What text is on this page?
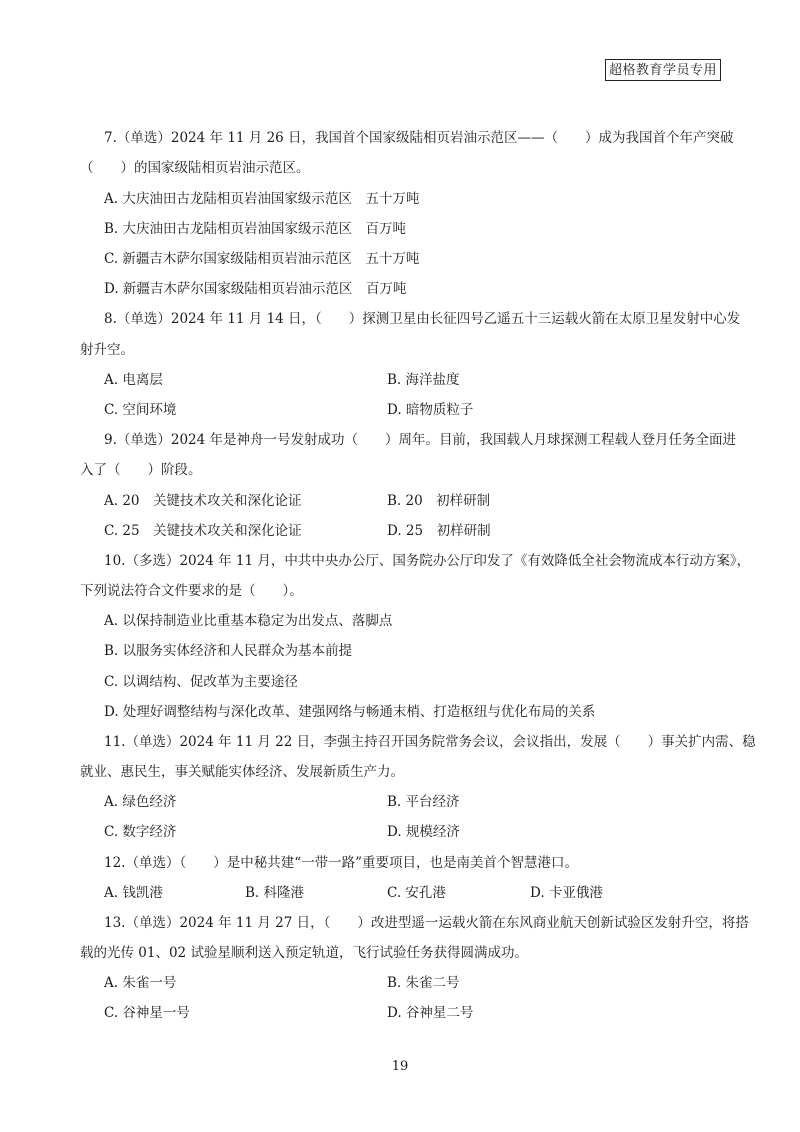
超格教育学员专用
7.（单选）2024 年 11 月 26 日，我国首个国家级陆相页岩油示范区——（　　）成为我国首个年产突破
（　　）的国家级陆相页岩油示范区。
A. 大庆油田古龙陆相页岩油国家级示范区　五十万吨
B. 大庆油田古龙陆相页岩油国家级示范区　百万吨
C. 新疆吉木萨尔国家级陆相页岩油示范区　五十万吨
D. 新疆吉木萨尔国家级陆相页岩油示范区　百万吨
8.（单选）2024 年 11 月 14 日，（　　）探测卫星由长征四号乙遥五十三运载火箭在太原卫星发射中心发
射升空。
A. 电离层	B. 海洋盐度
C. 空间环境	D. 暗物质粒子
9.（单选）2024 年是神舟一号发射成功（　　）周年。目前，我国载人月球探测工程载人登月任务全面进
入了（　　）阶段。
A. 20　关键技术攻关和深化论证	B. 20　初样研制
C. 25　关键技术攻关和深化论证	D. 25　初样研制
10.（多选）2024 年 11 月，中共中央办公厅、国务院办公厅印发了《有效降低全社会物流成本行动方案》，
下列说法符合文件要求的是（　　）。
A. 以保持制造业比重基本稳定为出发点、落脚点
B. 以服务实体经济和人民群众为基本前提
C. 以调结构、促改革为主要途径
D. 处理好调整结构与深化改革、建强网络与畅通末梢、打造枢纽与优化布局的关系
11.（单选）2024 年 11 月 22 日，李强主持召开国务院常务会议，会议指出，发展（　　）事关扩内需、稳
就业、惠民生，事关赋能实体经济、发展新质生产力。
A. 绿色经济	B. 平台经济
C. 数字经济	D. 规模经济
12.（单选）（　　）是中秘共建“一带一路”重要项目，也是南美首个智慧港口。
A. 钱凯港	B. 科隆港	C. 安孔港	D. 卡亚俄港
13.（单选）2024 年 11 月 27 日，（　　）改进型遥一运载火箭在东风商业航天创新试验区发射升空，将搭
载的光传 01、02 试验星顺利送入预定轨道，飞行试验任务获得圆满成功。
A. 朱雀一号	B. 朱雀二号
C. 谷神星一号	D. 谷神星二号
19
